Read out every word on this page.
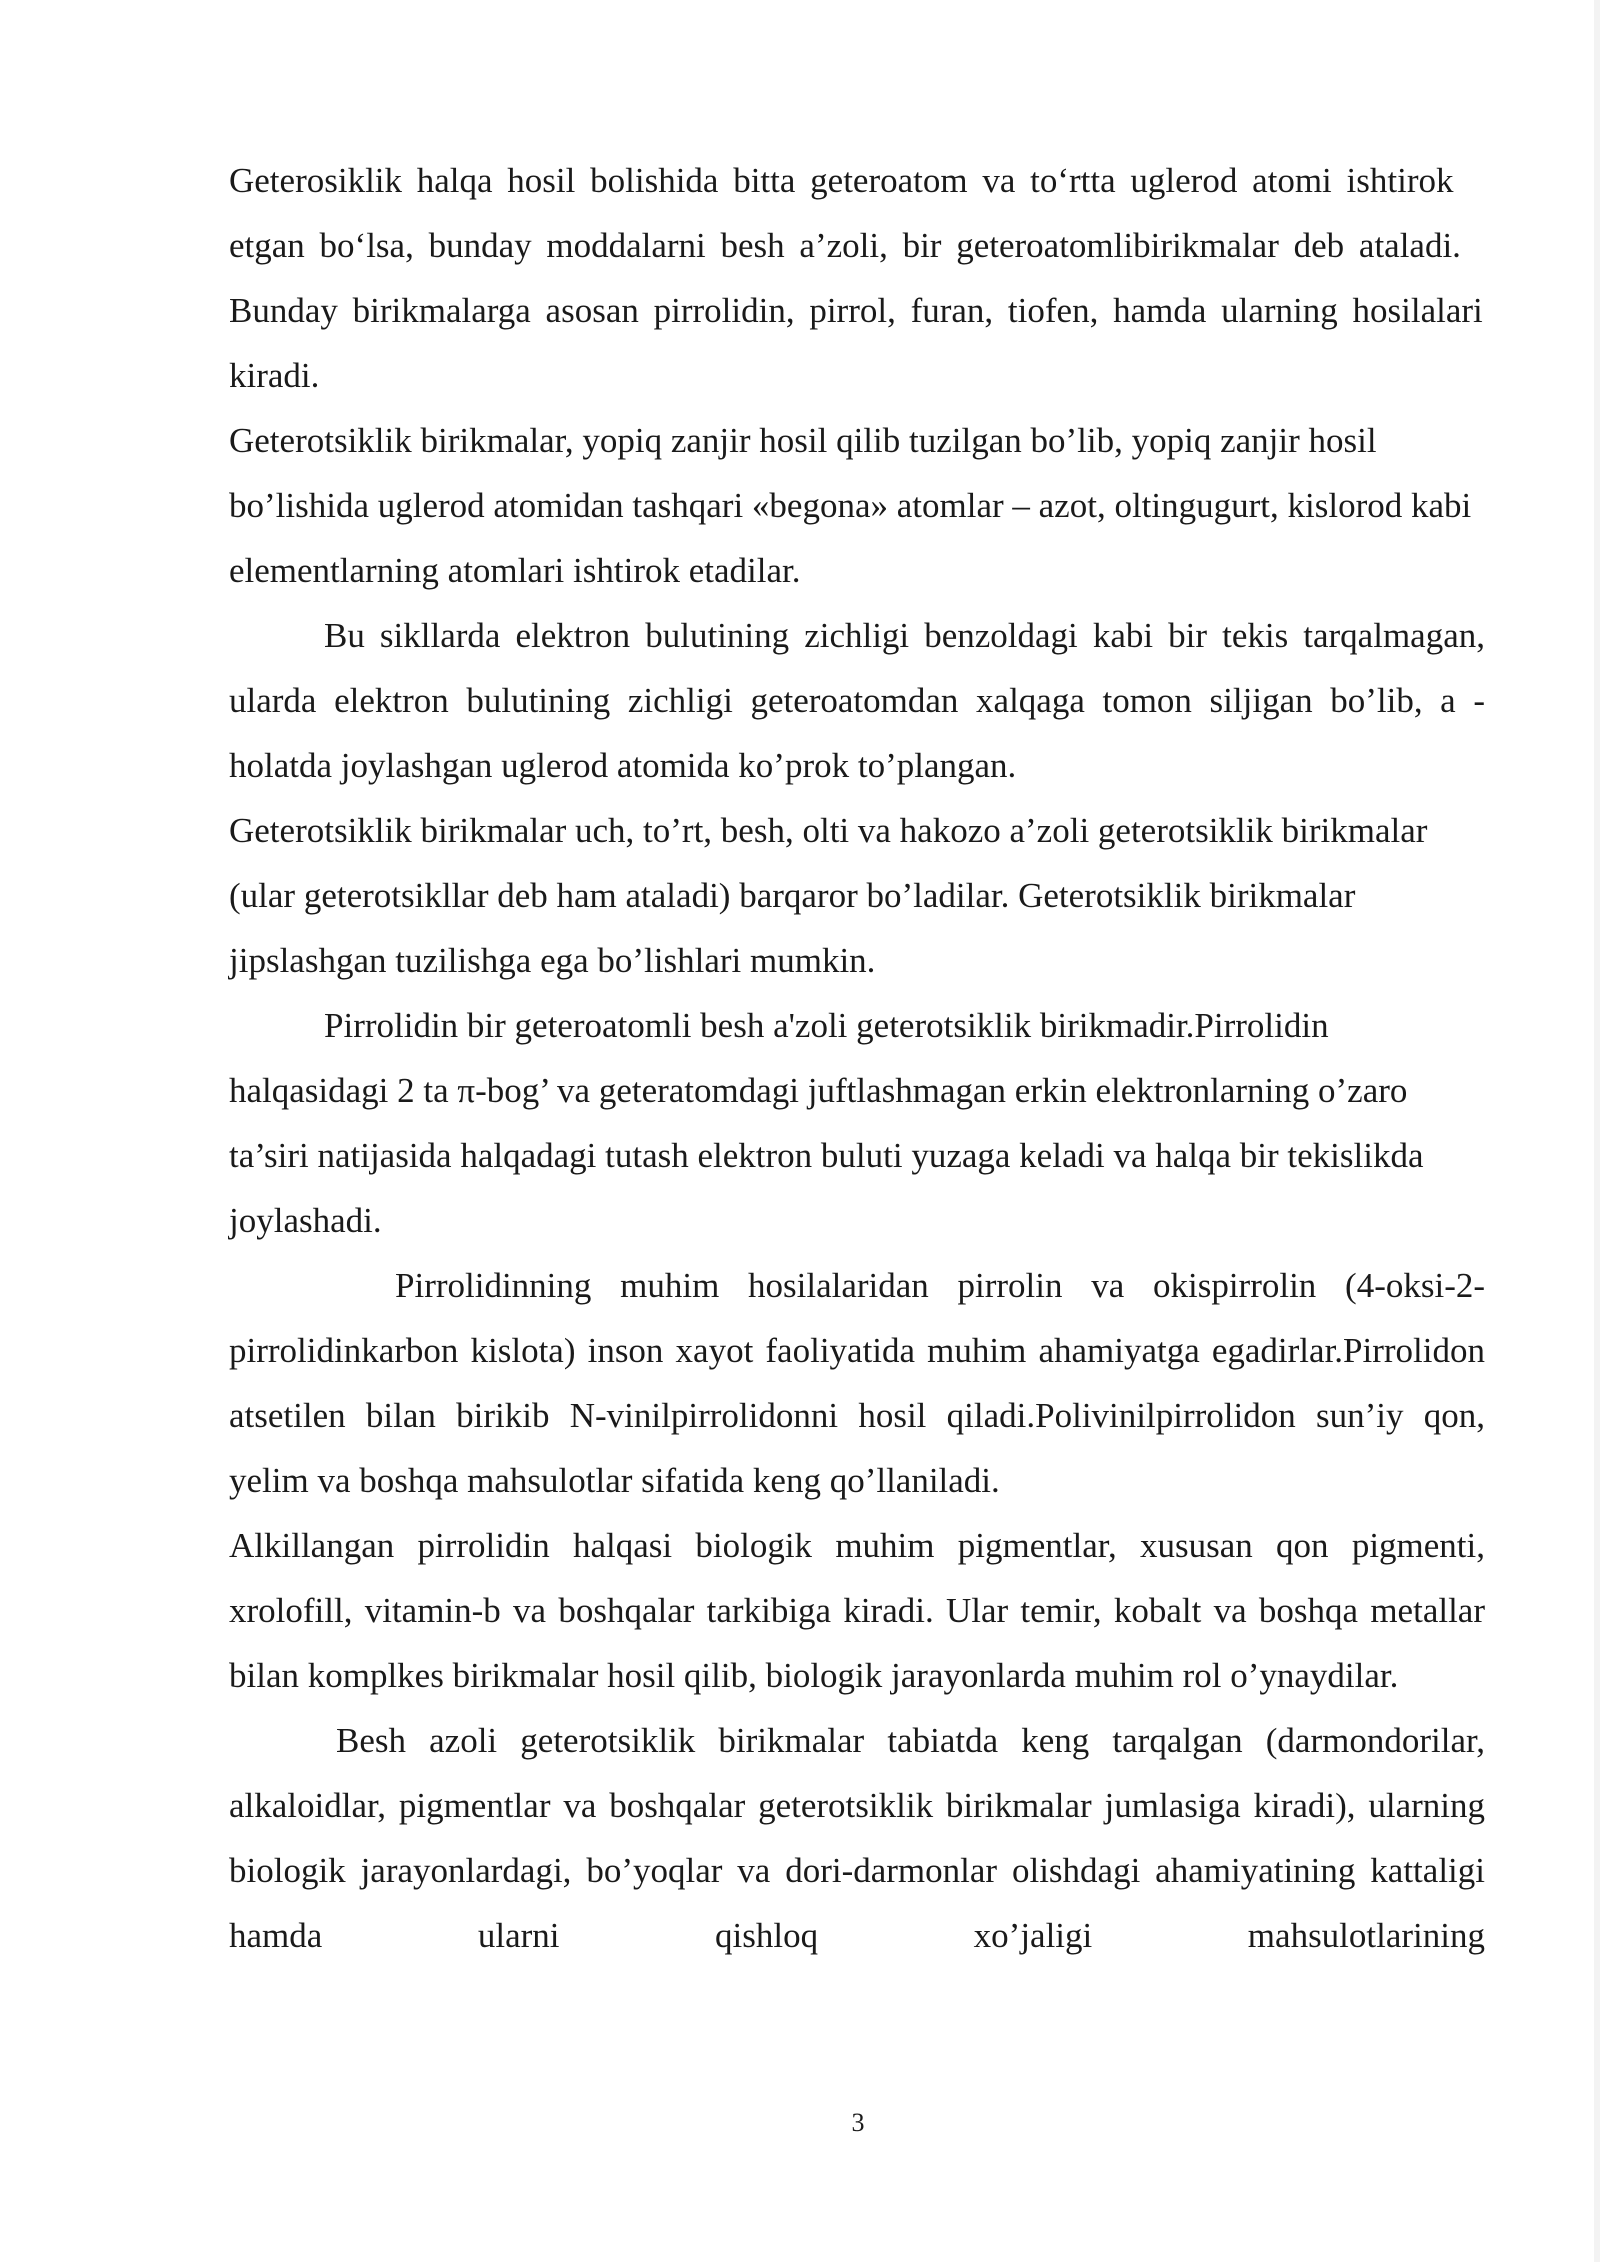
Geterosiklik halqa hosil bolishida bitta geteroatom va to‘rtta uglerod atomi ishtirok etgan bo‘lsa, bunday moddalarni besh a’zoli, bir geteroatomlibirikmalar deb ataladi. Bunday birikmalarga asosan pirrolidin, pirrol, furan, tiofen, hamda ularning hosilalari kiradi.

Geterotsiklik birikmalar, yopiq zanjir hosil qilib tuzilgan bo’lib, yopiq zanjir hosil bo’lishida uglerod atomidan tashqari «begona» atomlar – azot, oltingugurt, kislorod kabi elementlarning atomlari ishtirok etadilar.

Bu sikllarda elektron bulutining zichligi benzoldagi kabi bir tekis tarqalmagan, ularda elektron bulutining zichligi geteroatomdan xalqaga tomon siljigan bo’lib, a -holatda joylashgan uglerod atomida ko’prok to’plangan.

Geterotsiklik birikmalar uch, to’rt, besh, olti va hakozo a’zoli geterotsiklik birikmalar (ular geterotsikllar deb ham ataladi) barqaror bo’ladilar. Geterotsiklik birikmalar jipslashgan tuzilishga ega bo’lishlari mumkin.

Pirrolidin bir geteroatomli besh a'zoli geterotsiklik birikmadir.Pirrolidin halqasidagi 2 ta π-bog’ va geteratomdagi juftlashmagan erkin elektronlarning o’zaro ta’siri natijasida halqadagi tutash elektron buluti yuzaga keladi va halqa bir tekislikda joylashadi.

Pirrolidinning muhim hosilalaridan pirrolin va okispirrolin (4-oksi-2-pirrolidinkarbon kislota) inson xayot faoliyatida muhim ahamiyatga egadirlar.Pirrolidon atsetilen bilan birikib N-vinilpirrolidonni hosil qiladi.Polivinilpirrolidon sun’iy qon, yelim va boshqa mahsulotlar sifatida keng qo’llaniladi.

Alkillangan pirrolidin halqasi biologik muhim pigmentlar, xususan qon pigmenti, xrolofill, vitamin-b va boshqalar tarkibiga kiradi. Ular temir, kobalt va boshqa metallar bilan komplkes birikmalar hosil qilib, biologik jarayonlarda muhim rol o’ynaydilar.

Besh azoli geterotsiklik birikmalar tabiatda keng tarqalgan (darmondorilar, alkaloidlar, pigmentlar va boshqalar geterotsiklik birikmalar jumlasiga kiradi), ularning biologik jarayonlardagi, bo’yoqlar va dori-darmonlar olishdagi ahamiyatining kattaligi hamda ularni qishloq xo’jaligi mahsulotlarining

3
